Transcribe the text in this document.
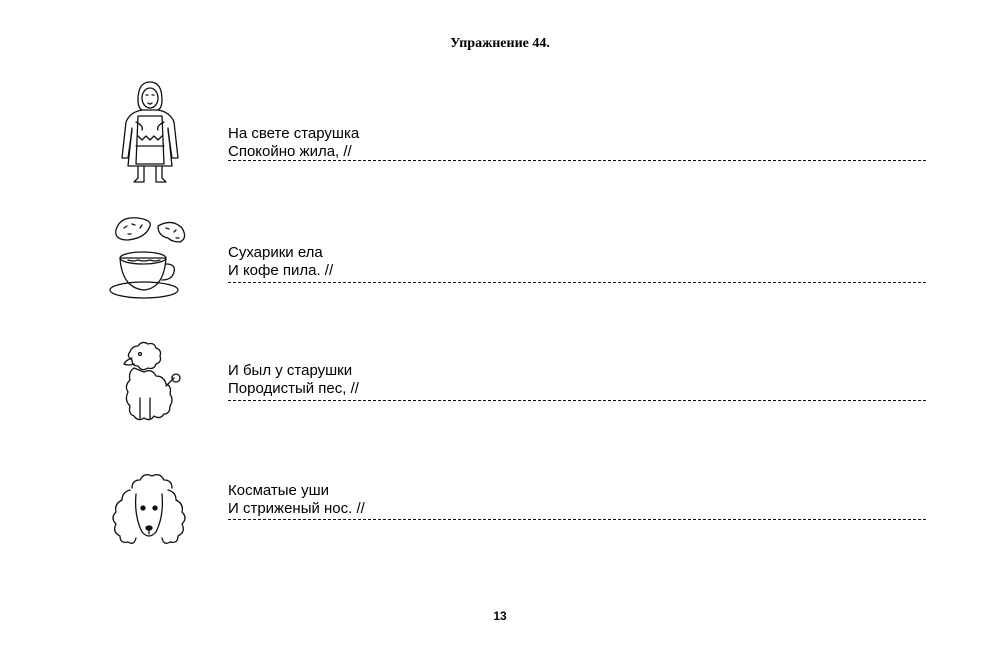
Упражнение 44.
На свете старушка
Спокойно жила, //
Сухарики ела
И кофе пила. //
И был у старушки
Породистый пес, //
Косматые уши
И стриженый нос. //
13
